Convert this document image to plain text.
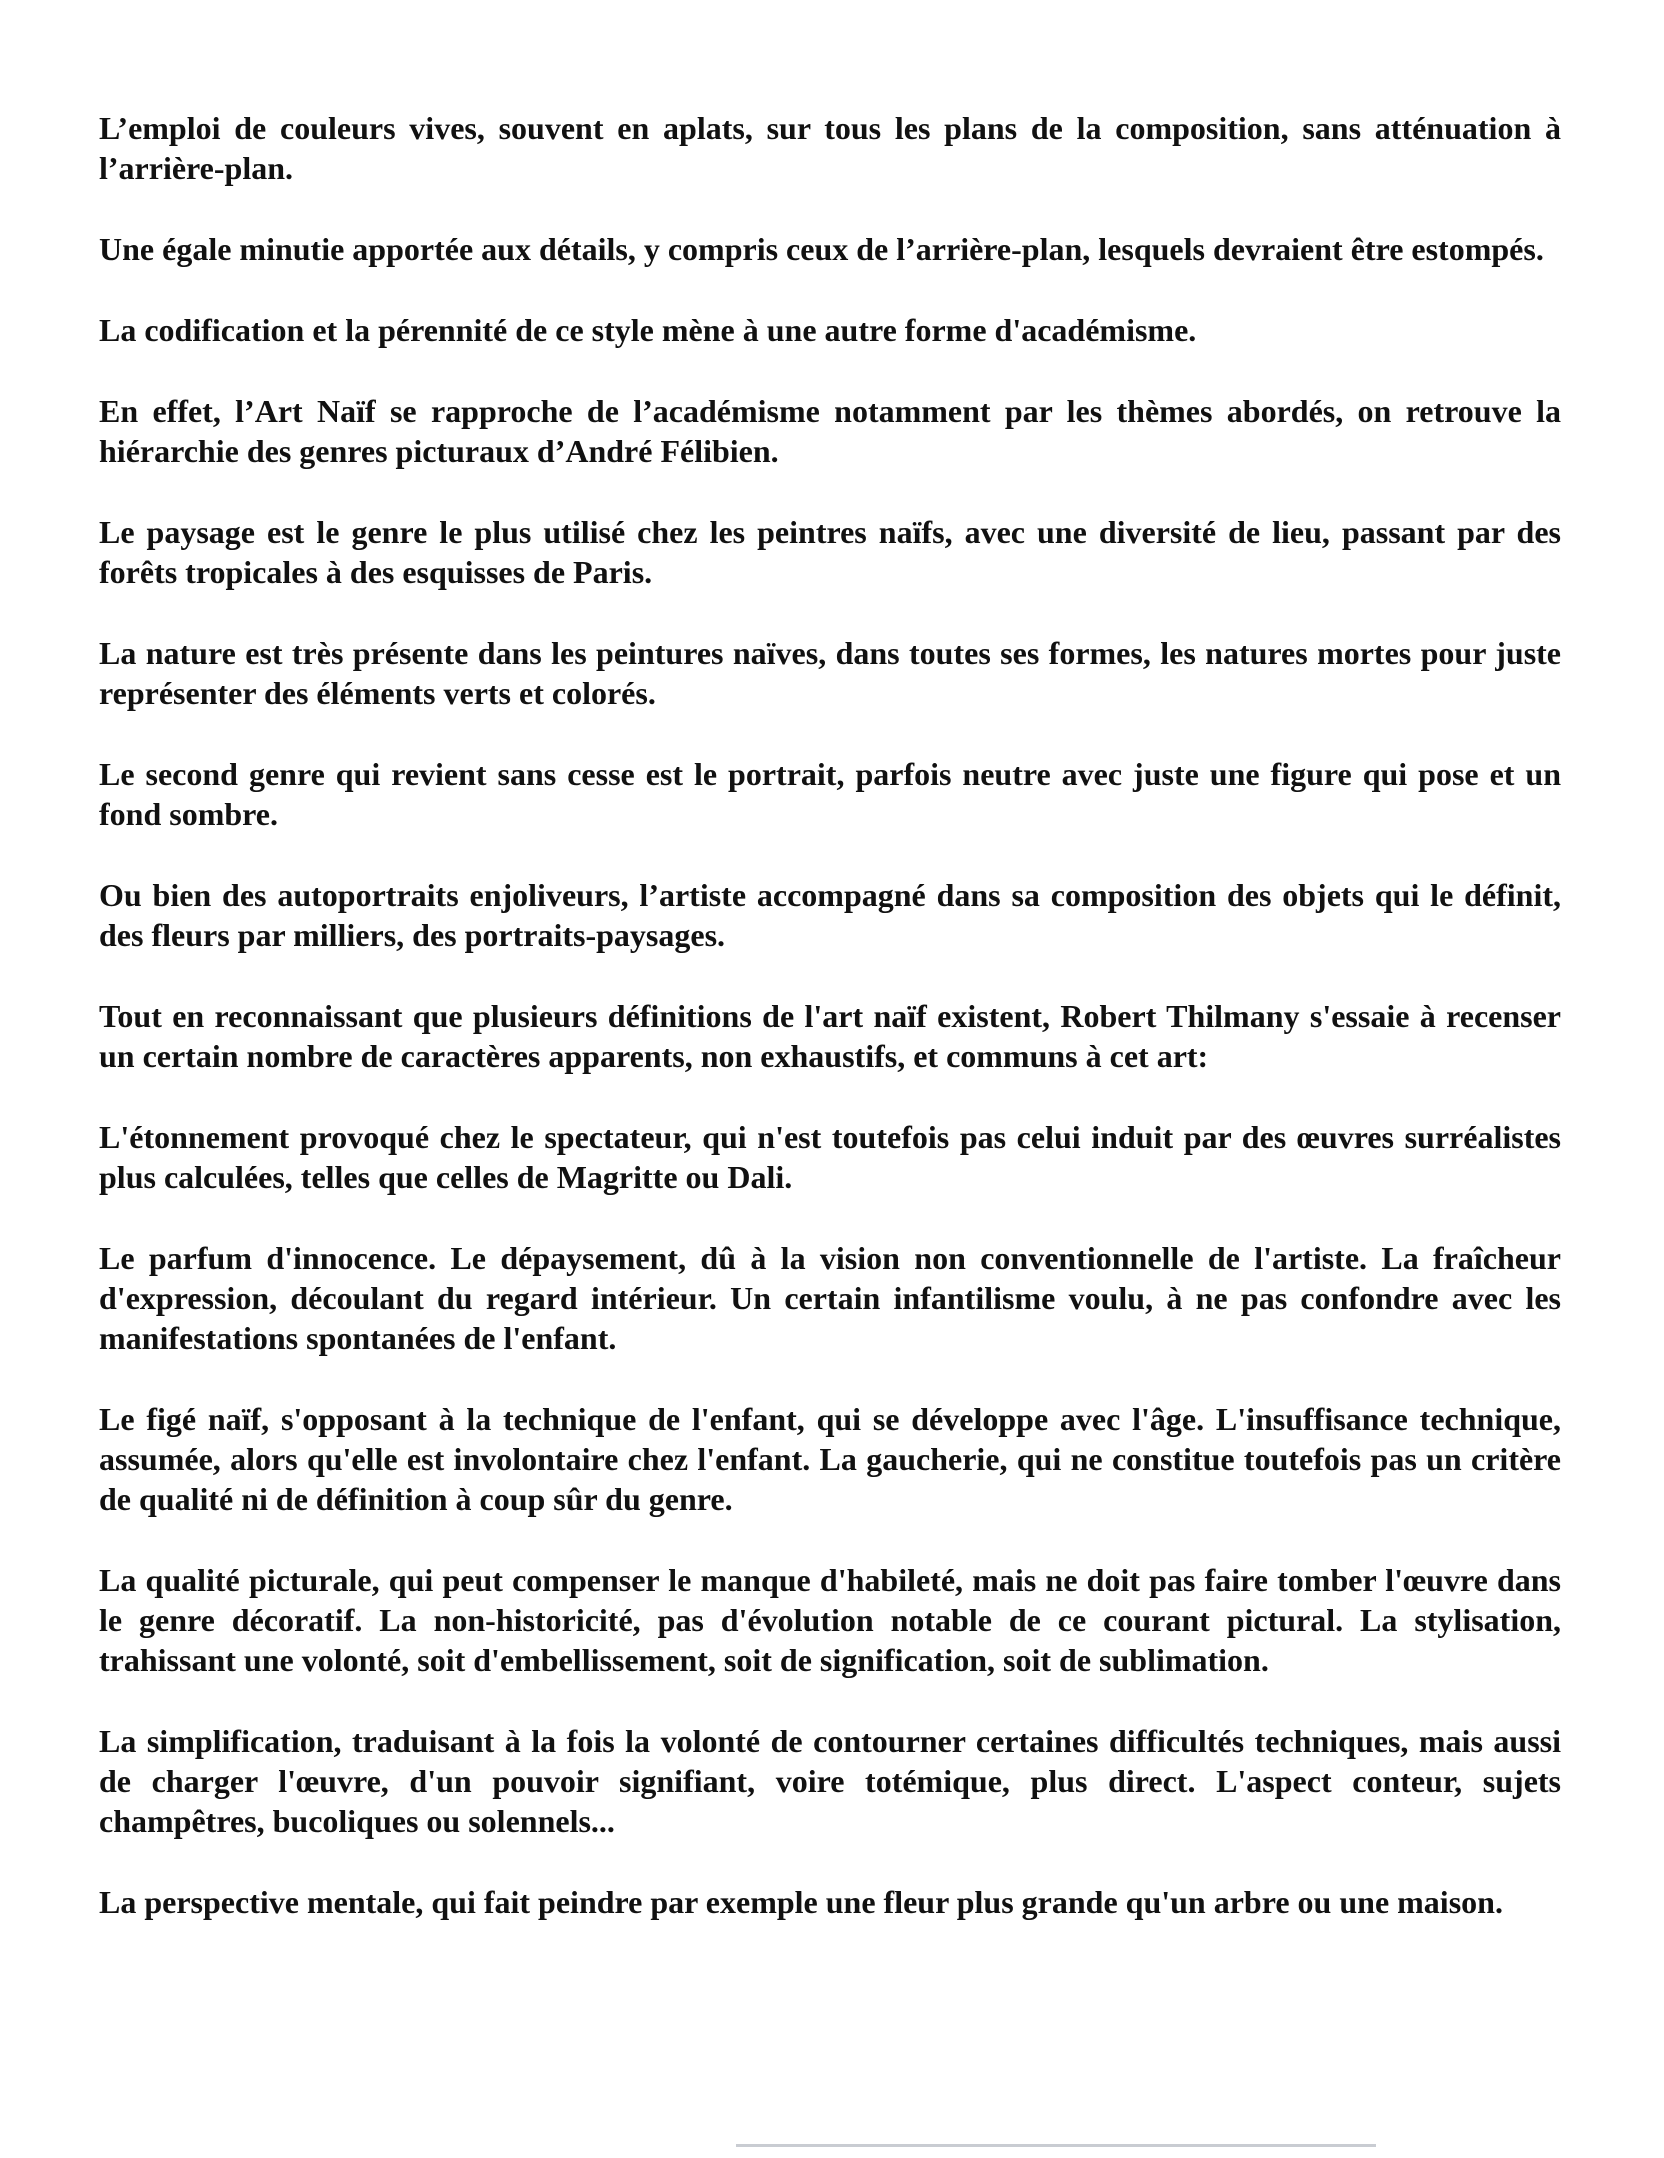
L’emploi de couleurs vives, souvent en aplats, sur tous les plans de la composition, sans atténuation à l’arrière-plan.

Une égale minutie apportée aux détails, y compris ceux de l’arrière-plan, lesquels devraient être estompés.

La codification et la pérennité de ce style mène à une autre forme d'académisme.

En effet, l’Art Naïf se rapproche de l’académisme notamment par les thèmes abordés, on retrouve la hiérarchie des genres picturaux d’André Félibien.

Le paysage est le genre le plus utilisé chez les peintres naïfs, avec une diversité de lieu, passant par des forêts tropicales à des esquisses de Paris.

La nature est très présente dans les peintures naïves, dans toutes ses formes, les natures mortes pour juste représenter des éléments verts et colorés.

Le second genre qui revient sans cesse est le portrait, parfois neutre avec juste une figure qui pose et un fond sombre.

Ou bien des autoportraits enjoliveurs, l’artiste accompagné dans sa composition des objets qui le définit, des fleurs par milliers, des portraits-paysages.

Tout en reconnaissant que plusieurs définitions de l'art naïf existent, Robert Thilmany s'essaie à recenser un certain nombre de caractères apparents, non exhaustifs, et communs à cet art:

L'étonnement provoqué chez le spectateur, qui n'est toutefois pas celui induit par des œuvres surréalistes plus calculées, telles que celles de Magritte ou Dali.

Le parfum d'innocence. Le dépaysement, dû à la vision non conventionnelle de l'artiste. La fraîcheur d'expression, découlant du regard intérieur. Un certain infantilisme voulu, à ne pas confondre avec les manifestations spontanées de l'enfant.

Le figé naïf, s'opposant à la technique de l'enfant, qui se développe avec l'âge. L'insuffisance technique, assumée, alors qu'elle est involontaire chez l'enfant. La gaucherie, qui ne constitue toutefois pas un critère de qualité ni de définition à coup sûr du genre.

La qualité picturale, qui peut compenser le manque d'habileté, mais ne doit pas faire tomber l'œuvre dans le genre décoratif. La non-historicité, pas d'évolution notable de ce courant pictural. La stylisation, trahissant une volonté, soit d'embellissement, soit de signification, soit de sublimation.

La simplification, traduisant à la fois la volonté de contourner certaines difficultés techniques, mais aussi de charger l'œuvre, d'un pouvoir signifiant, voire totémique, plus direct. L'aspect conteur, sujets champêtres, bucoliques ou solennels...

La perspective mentale, qui fait peindre par exemple une fleur plus grande qu'un arbre ou une maison.
